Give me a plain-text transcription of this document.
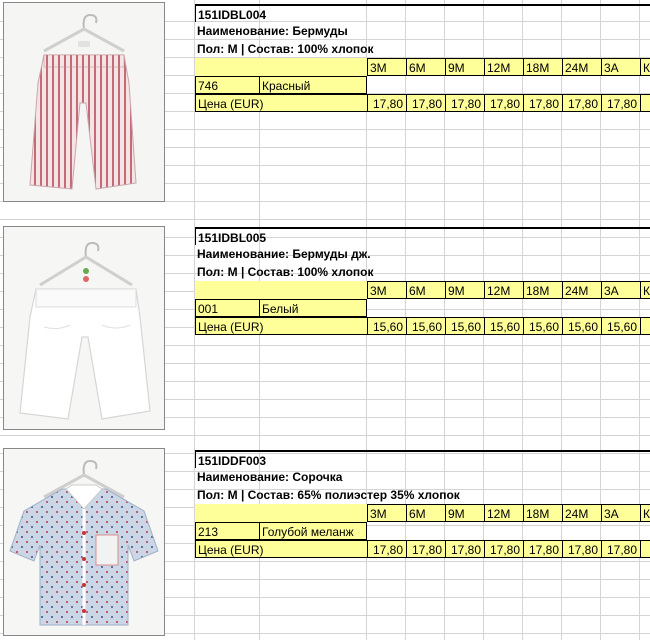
151IDBL004
Наименование: Бермуды
Пол: M | Состав: 100% хлопок
3M	6M	9M	12M	18M	24M	3A	К
746	Красный
Цена (EUR)	17,80 17,80 17,80 17,80 17,80 17,80 17,80
151IDBL005
Наименование: Бермуды дж.
Пол: M | Состав: 100% хлопок
3M	6M	9M	12M	18M	24M	3A	К
001	Белый
Цена (EUR)	15,60 15,60 15,60 15,60 15,60 15,60 15,60
151IDDF003
Наименование: Сорочка
Пол: M | Состав: 65% полиэстер 35% хлопок
3M	6M	9M	12M	18M	24M	3A	К
213	Голубой меланж
Цена (EUR)	17,80 17,80 17,80 17,80 17,80 17,80 17,80
